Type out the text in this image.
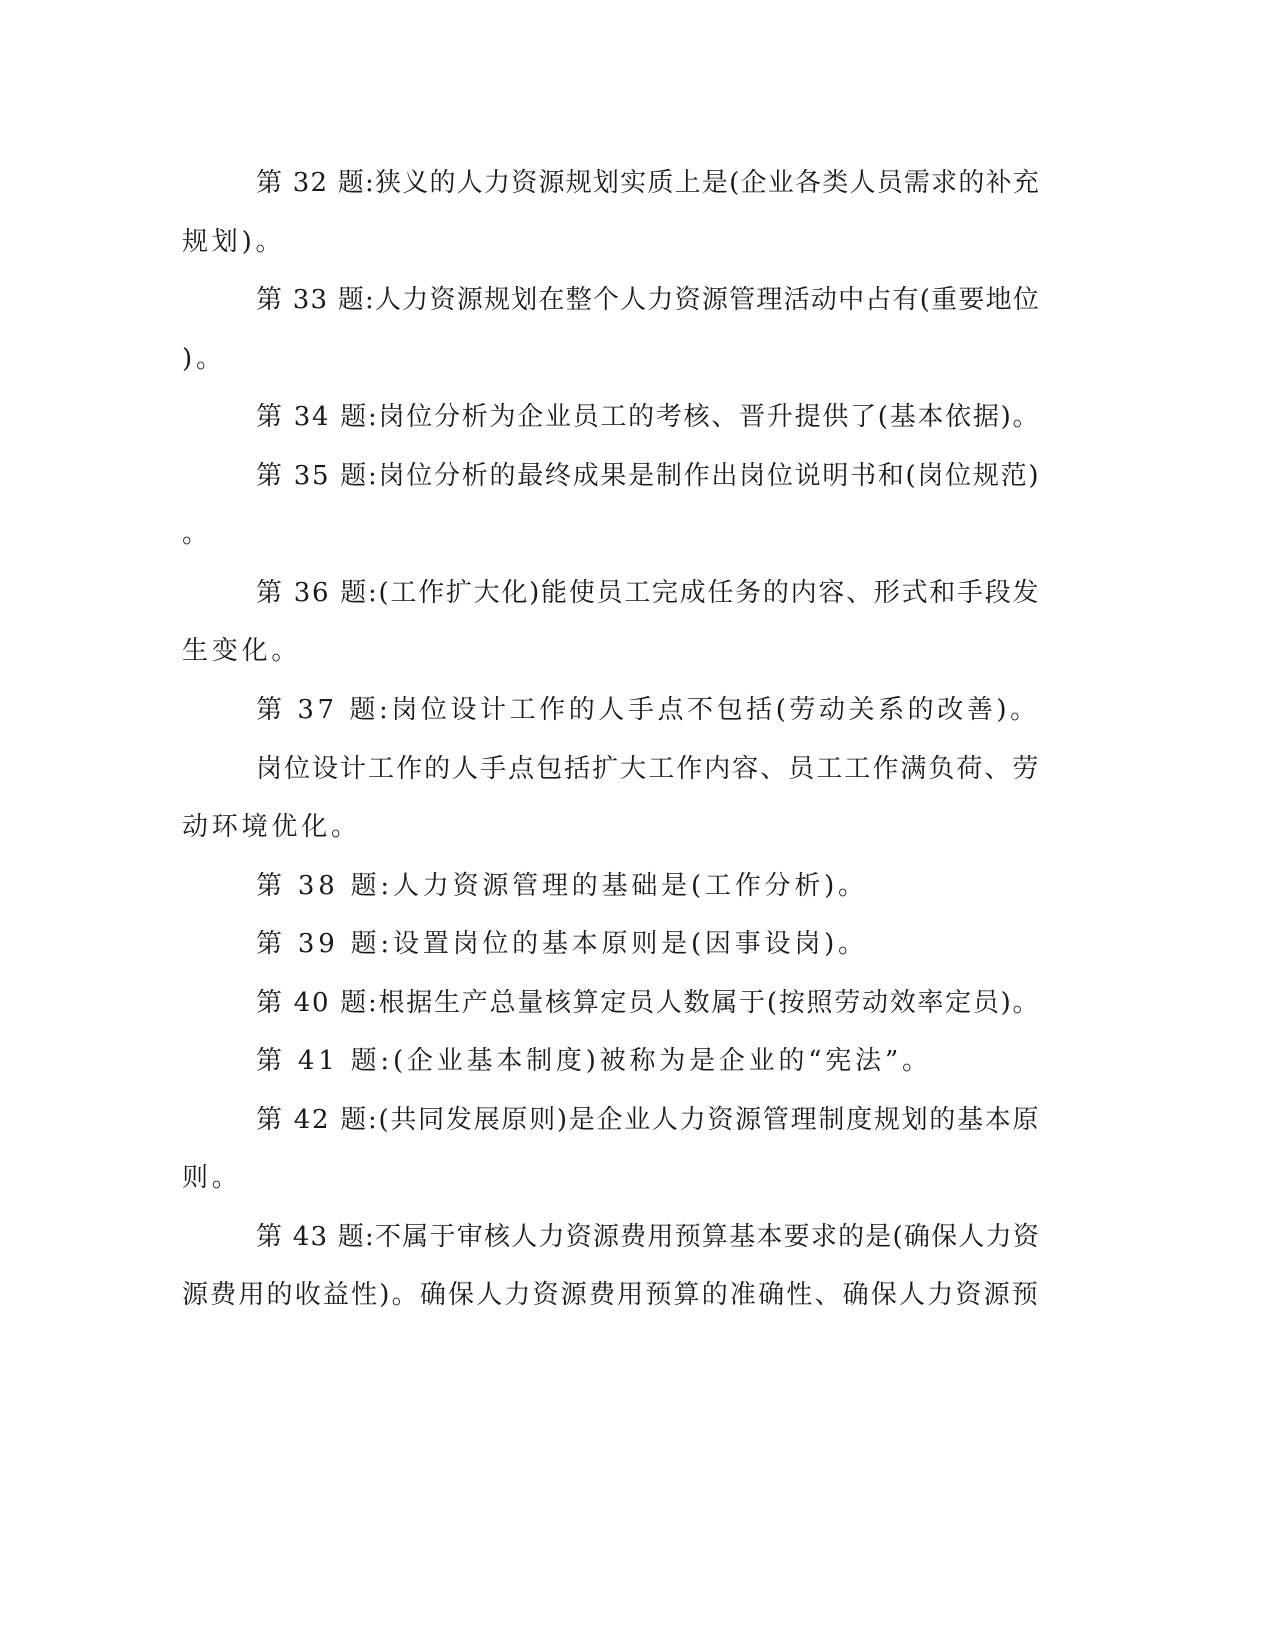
第 32 题:狭义的人力资源规划实质上是(企业各类人员需求的补充
规划)。
第 33 题:人力资源规划在整个人力资源管理活动中占有(重要地位
)。
第 34 题:岗位分析为企业员工的考核、晋升提供了(基本依据)。
第 35 题:岗位分析的最终成果是制作出岗位说明书和(岗位规范)
。
第 36 题:(工作扩大化)能使员工完成任务的内容、形式和手段发
生变化。
第 37 题:岗位设计工作的人手点不包括(劳动关系的改善)。
岗位设计工作的人手点包括扩大工作内容、员工工作满负荷、劳
动环境优化。
第 38 题:人力资源管理的基础是(工作分析)。
第 39 题:设置岗位的基本原则是(因事设岗)。
第 40 题:根据生产总量核算定员人数属于(按照劳动效率定员)。
第 41 题:(企业基本制度)被称为是企业的“宪法”。
第 42 题:(共同发展原则)是企业人力资源管理制度规划的基本原
则。
第 43 题:不属于审核人力资源费用预算基本要求的是(确保人力资
源费用的收益性)。确保人力资源费用预算的准确性、确保人力资源预
